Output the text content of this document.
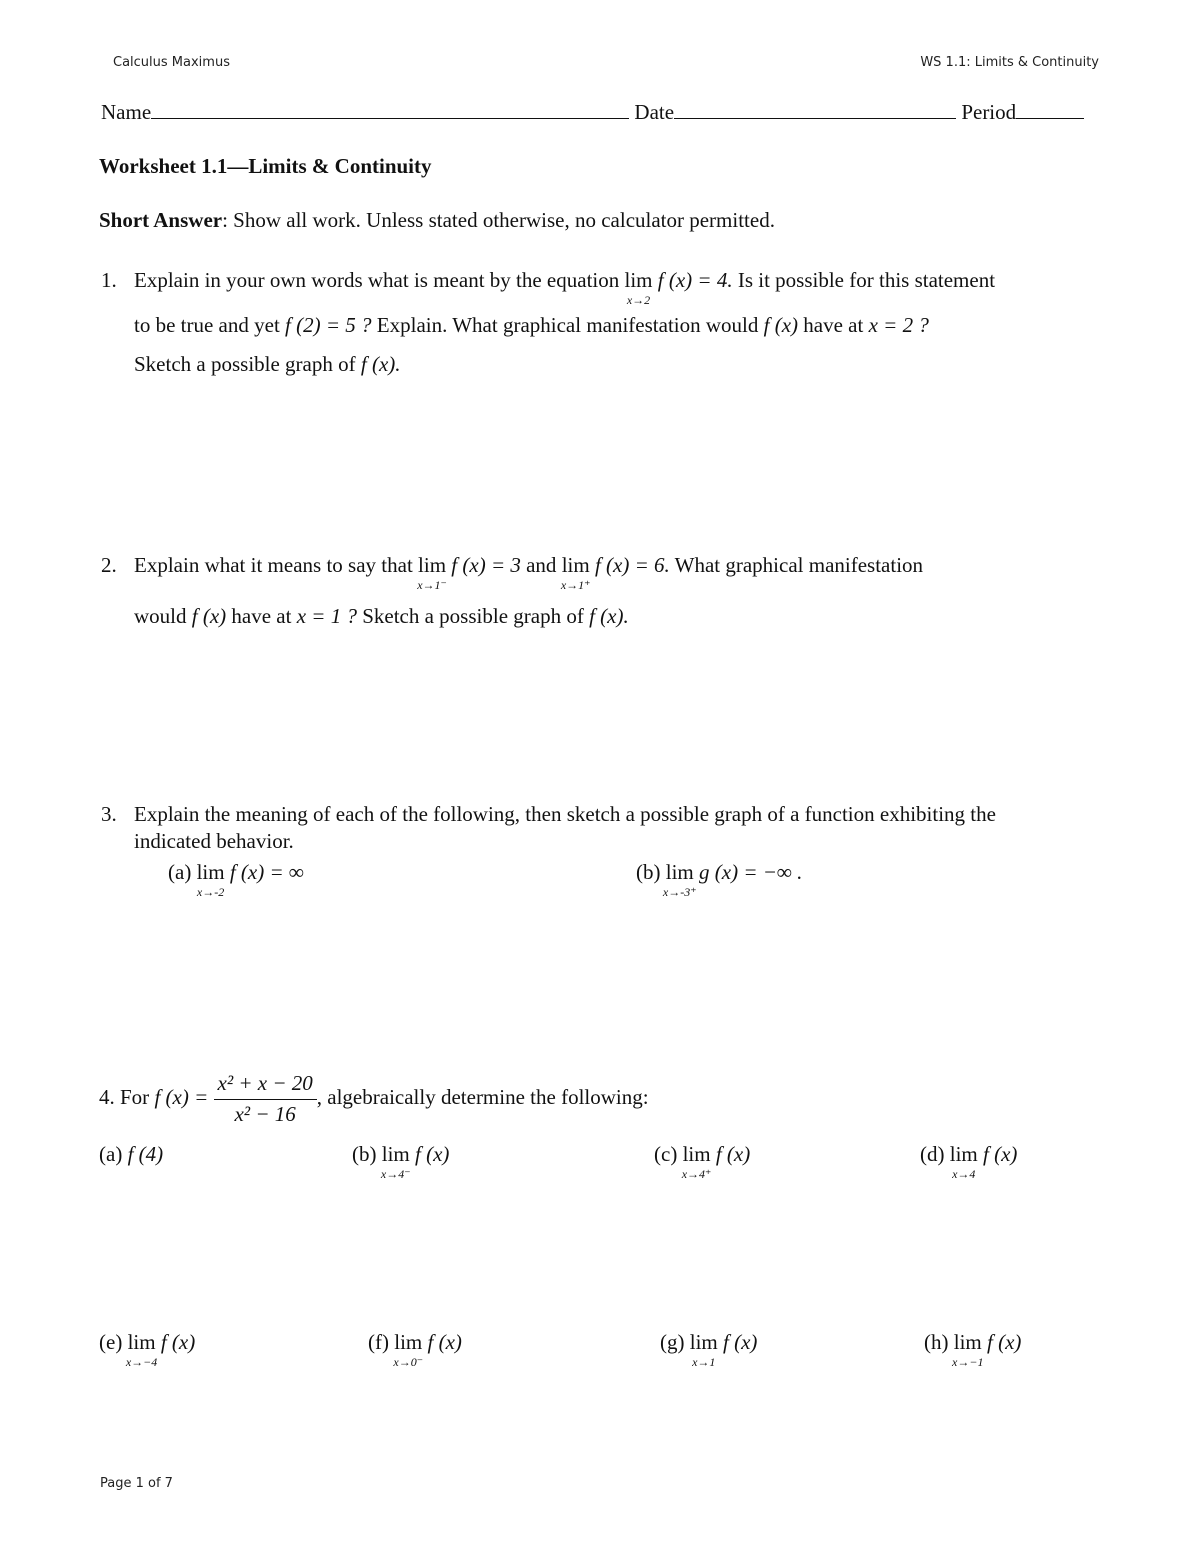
Calculus Maximus	WS 1.1: Limits & Continuity
Name	Date	Period
Worksheet 1.1—Limits & Continuity
Short Answer: Show all work. Unless stated otherwise, no calculator permitted.
1. Explain in your own words what is meant by the equation lim
x→2
f (x) = 4. Is it possible for this statement
to be true and yet f (2) = 5 ? Explain. What graphical manifestation would f (x) have at x = 2 ?
Sketch a possible graph of f (x).
2. Explain what it means to say that lim
x→1⁻
f (x) = 3 and lim
x→1⁺
f (x) = 6. What graphical manifestation
would f (x) have at x = 1 ? Sketch a possible graph of f (x).
3. Explain the meaning of each of the following, then sketch a possible graph of a function exhibiting the
indicated behavior.
(a) lim
x→-2
f (x) = ∞	(b) lim
x→-3⁺
g (x) = −∞ .
4. For f $(x) = \frac{\text{x² + x − 20}}{\text{x² − 16}}$ , algebraically determine the following:
(a) f (4)	(b) lim
x→4⁻
f (x)	(c) lim
x→4⁺
f (x)	(d) lim
x→4
f (x)
(e) lim
x→−4
f (x)	(f) lim
x→0⁻
f (x)	(g) lim
x→1
f (x)	(h) lim
x→−1
f (x)
Page 1 of 7
